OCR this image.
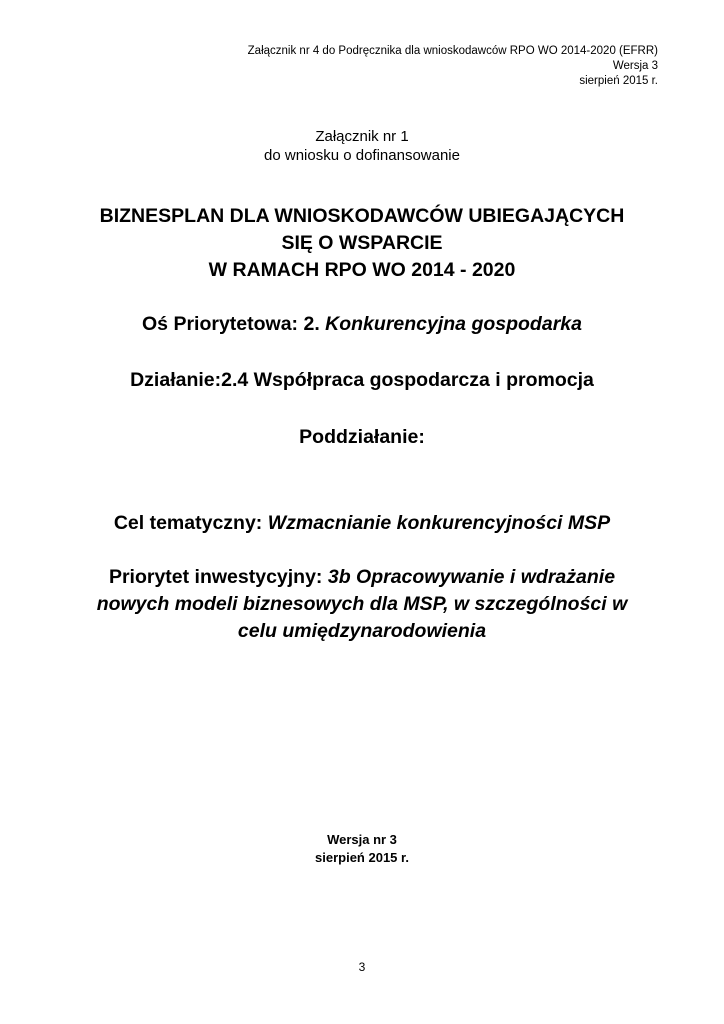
Załącznik nr 4 do Podręcznika dla wnioskodawców RPO WO 2014-2020 (EFRR)
Wersja 3
sierpień 2015 r.
Załącznik nr 1
do wniosku o dofinansowanie
BIZNESPLAN DLA WNIOSKODAWCÓW UBIEGAJĄCYCH
SIĘ O WSPARCIE
W RAMACH RPO WO 2014 - 2020
Oś Priorytetowa: 2. Konkurencyjna gospodarka
Działanie:2.4 Współpraca gospodarcza i promocja
Poddziałanie:
Cel tematyczny: Wzmacnianie konkurencyjności MSP
Priorytet inwestycyjny: 3b Opracowywanie i wdrażanie
nowych modeli biznesowych dla MSP, w szczególności w
celu umiędzynarodowienia
Wersja nr 3
sierpień 2015 r.
3
